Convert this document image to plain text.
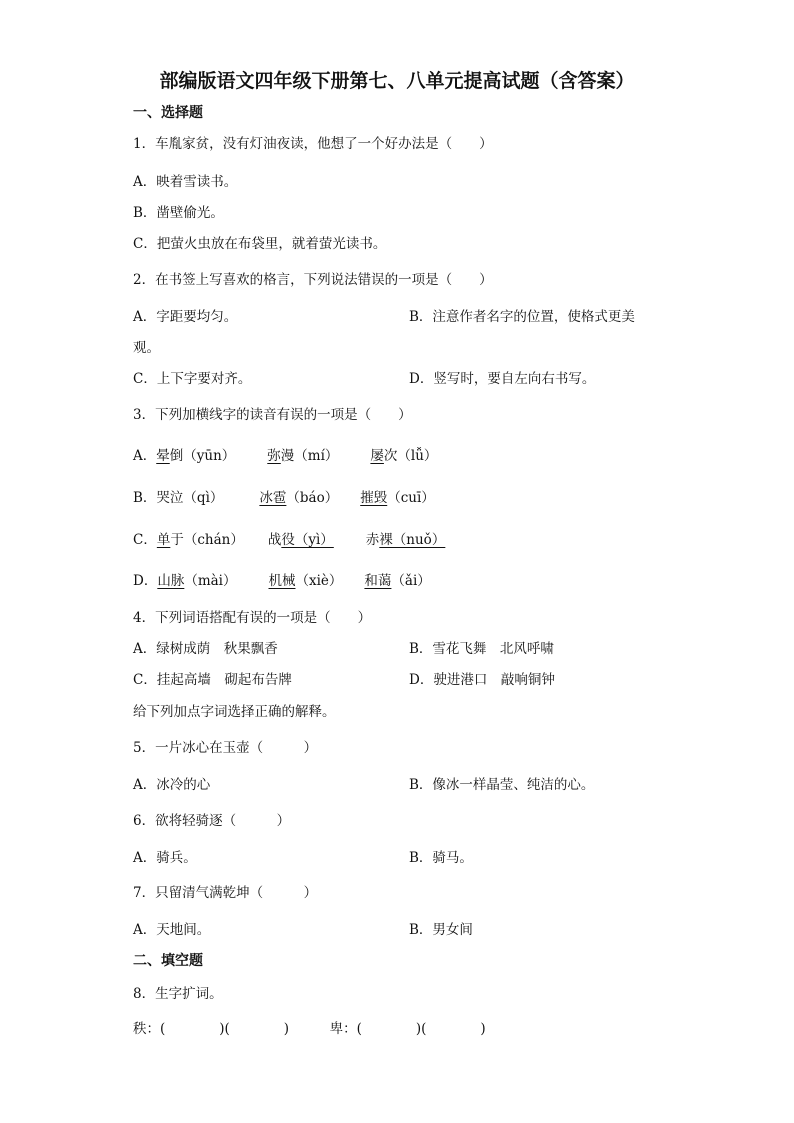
部编版语文四年级下册第七、八单元提高试题（含答案）
一、选择题
1．车胤家贫，没有灯油夜读，他想了一个好办法是（　　）
A．映着雪读书。
B．凿壁偷光。
C．把萤火虫放在布袋里，就着萤光读书。
2．在书签上写喜欢的格言，下列说法错误的一项是（　　）
A．字距要均匀。	B．注意作者名字的位置，使格式更美
观。
C．上下字要对齐。	D．竖写时，要自左向右书写。
3．下列加横线字的读音有误的一项是（　　）
A．晕倒（yūn） 弥漫（mí） 屡次（lǚ）
B．哭泣（qì）	冰雹（báo） 摧毁（cuī）
C．单于（chán） 战役（yì） 赤裸（nuǒ）
D．山脉（mài） 机械（xiè） 和蔼（ǎi）
4．下列词语搭配有误的一项是（　　）
A．绿树成荫　秋果飘香	B．雪花飞舞　北风呼啸
C．挂起高墙　砌起布告牌	D．驶进港口　敲响铜钟
给下列加点字词选择正确的解释。
5．一片冰心在玉壶（　　　）
A．冰冷的心	B．像冰一样晶莹、纯洁的心。
6．欲将轻骑逐（　　　）
A．骑兵。	B．骑马。
7．只留清气满乾坤（　　　）
A．天地间。	B．男女间
二、填空题
8．生字扩词。
秩：(　　　　)(　　　　)　　　卑：(　　　　)(　　　　)
